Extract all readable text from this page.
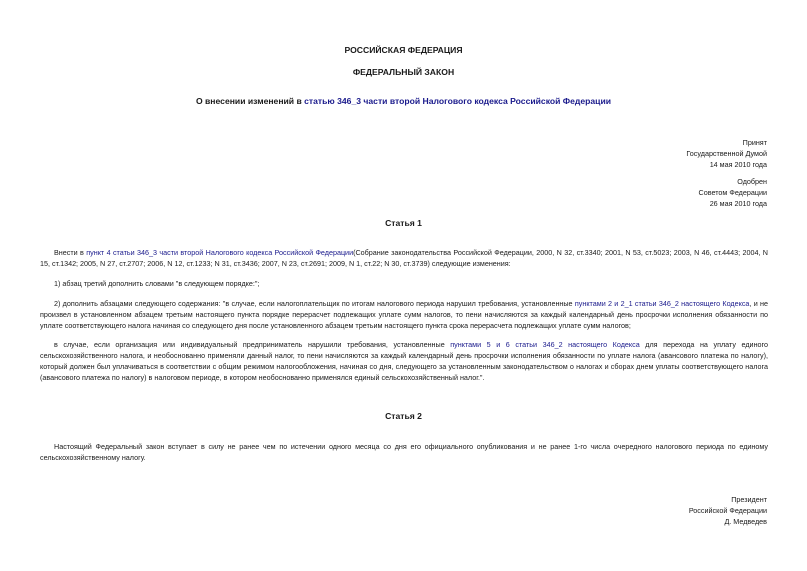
РОССИЙСКАЯ ФЕДЕРАЦИЯ
ФЕДЕРАЛЬНЫЙ ЗАКОН
О внесении изменений в статью 346_3 части второй Налогового кодекса Российской Федерации
Принят
Государственной Думой
14 мая 2010 года
Одобрен
Советом Федерации
26 мая 2010 года
Статья 1
Внести в пункт 4 статьи 346_3 части второй Налогового кодекса Российской Федерации(Собрание законодательства Российской Федерации, 2000, N 32, ст.3340; 2001, N 53, ст.5023; 2003, N 46, ст.4443; 2004, N 15, ст.1342; 2005, N 27, ст.2707; 2006, N 12, ст.1233; N 31, ст.3436; 2007, N 23, ст.2691; 2009, N 1, ст.22; N 30, ст.3739) следующие изменения:
1) абзац третий дополнить словами "в следующем порядке:";
2) дополнить абзацами следующего содержания: "в случае, если налогоплательщик по итогам налогового периода нарушил требования, установленные пунктами 2 и 2_1 статьи 346_2 настоящего Кодекса, и не произвел в установленном абзацем третьим настоящего пункта порядке перерасчет подлежащих уплате сумм налогов, то пени начисляются за каждый календарный день просрочки исполнения обязанности по уплате соответствующего налога начиная со следующего дня после установленного абзацем третьим настоящего пункта срока перерасчета подлежащих уплате сумм налогов;
в случае, если организация или индивидуальный предприниматель нарушили требования, установленные пунктами 5 и 6 статьи 346_2 настоящего Кодекса для перехода на уплату единого сельскохозяйственного налога, и необоснованно применяли данный налог, то пени начисляются за каждый календарный день просрочки исполнения обязанности по уплате налога (авансового платежа по налогу), который должен был уплачиваться в соответствии с общим режимом налогообложения, начиная со дня, следующего за установленным законодательством о налогах и сборах днем уплаты соответствующего налога (авансового платежа по налогу) в налоговом периоде, в котором необоснованно применялся единый сельскохозяйственный налог.".
Статья 2
Настоящий Федеральный закон вступает в силу не ранее чем по истечении одного месяца со дня его официального опубликования и не ранее 1-го числа очередного налогового периода по единому сельскохозяйственному налогу.
Президент
Российской Федерации
Д. Медведев
